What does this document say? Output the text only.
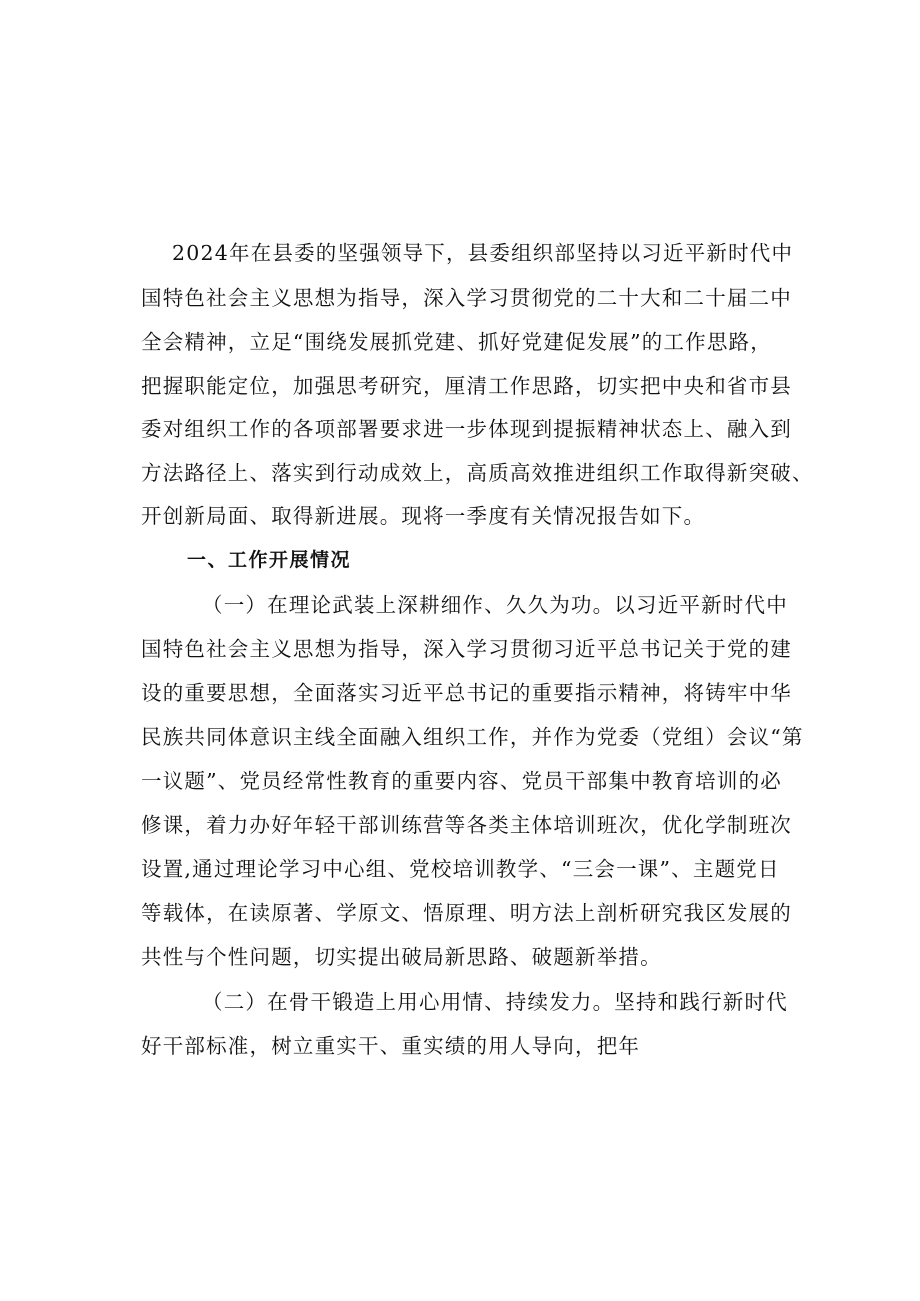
2024年在县委的坚强领导下，县委组织部坚持以习近平新时代中
国特色社会主义思想为指导，深入学习贯彻党的二十大和二十届二中
全会精神，立足“围绕发展抓党建、抓好党建促发展”的工作思路，
把握职能定位，加强思考研究，厘清工作思路，切实把中央和省市县
委对组织工作的各项部署要求进一步体现到提振精神状态上、融入到
方法路径上、落实到行动成效上，高质高效推进组织工作取得新突破、
开创新局面、取得新进展。现将一季度有关情况报告如下。
一、工作开展情况
（一）在理论武装上深耕细作、久久为功。以习近平新时代中
国特色社会主义思想为指导，深入学习贯彻习近平总书记关于党的建
设的重要思想，全面落实习近平总书记的重要指示精神，将铸牢中华
民族共同体意识主线全面融入组织工作，并作为党委（党组）会议“第
一议题”、党员经常性教育的重要内容、党员干部集中教育培训的必
修课，着力办好年轻干部训练营等各类主体培训班次，优化学制班次
设置,通过理论学习中心组、党校培训教学、“三会一课”、主题党日
等载体，在读原著、学原文、悟原理、明方法上剖析研究我区发展的
共性与个性问题，切实提出破局新思路、破题新举措。
（二）在骨干锻造上用心用情、持续发力。坚持和践行新时代
好干部标准，树立重实干、重实绩的用人导向，把年
